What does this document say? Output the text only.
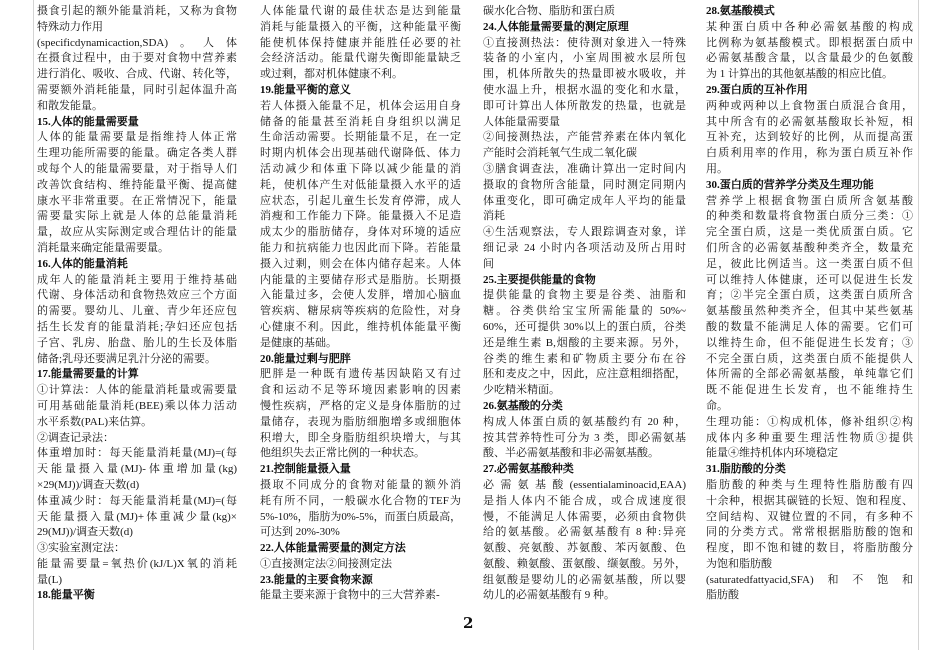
摄食引起的额外能量消耗，又称为食物
特殊动力作用
(specificdynamicaction,SDA)。人体
在摄食过程中，由于要对食物中营养素
进行消化、吸收、合成、代谢、转化等，
需要额外消耗能量，同时引起体温升高
和散发能量。
15.人体的能量需要量
人体的能量需要量是指维持人体正常
生理功能所需要的能量。确定各类人群
或每个人的能量需要量，对于指导人们
改善饮食结构、维持能量平衡、提高健
康水平非常重要。在正常情况下，能量
需要量实际上就是人体的总能量消耗
量，故应从实际测定或合理估计的能量
消耗量来确定能量需要量。
16.人体的能量消耗
成年人的能量消耗主要用于维持基础
代谢、身体活动和食物热效应三个方面
的需要。婴幼儿、儿童、青少年还应包
括生长发育的能量消耗;孕妇还应包括
子宫、乳房、胎盘、胎儿的生长及体脂
储备;乳母还要满足乳汁分泌的需要。
17.能量需要量的计算
①计算法：人体的能量消耗量或需要量
可用基础能量消耗(BEE)乘以体力活动
水平系数(PAL)来估算。
②调查记录法：
体重增加时：每天能量消耗量(MJ)=(每
天能量摄入量(MJ)-体重增加量(kg)
×29(MJ))/调查天数(d)
体重减少时：每天能量消耗量(MJ)=(每
天能量摄入量(MJ)+体重减少量(kg)×
29(MJ))/调查天数(d)
③实验室测定法：
能量需要量=氧热价(kJ/L)X氧的消耗
量(L)
18.能量平衡
人体能量代谢的最佳状态是达到能量
消耗与能量摄入的平衡，这种能量平衡
能使机体保持健康并能胜任必要的社
会经济活动。能量代谢失衡即能量缺乏
或过剩，都对机体健康不利。
19.能量平衡的意义
若人体摄入能量不足，机体会运用自身
储备的能量甚至消耗自身组织以满足
生命活动需要。长期能量不足，在一定
时期内机体会出现基础代谢降低、体力
活动减少和体重下降以减少能量的消
耗，使机体产生对低能量摄入水平的适
应状态，引起儿童生长发育停滞，成人
消瘦和工作能力下降。能量摄入不足造
成太少的脂肪储存，身体对环境的适应
能力和抗病能力也因此而下降。若能量
摄入过剩，则会在体内储存起来。人体
内能量的主要储存形式是脂肪。长期摄
入能量过多，会使人发胖，增加心脑血
管疾病、糖尿病等疾病的危险性，对身
心健康不利。因此，维持机体能量平衡
是健康的基础。
20.能量过剩与肥胖
肥胖是一种既有遗传基因缺陷又有过
食和运动不足等环境因素影响的因素
慢性疾病，严格的定义是身体脂肪的过
量储存，表现为脂肪细胞增多或细胞体
积增大，即全身脂肪组织块增大，与其
他组织失去正常比例的一种状态。
21.控制能量摄入量
摄取不同成分的食物对能量的额外消
耗有所不同，一般碳水化合物的TEF为
5%-10%，脂肪为0%-5%，而蛋白质最高，
可达到 20%-30%
22.人体能量需要量的测定方法
①直接测定法②间接测定法
23.能量的主要食物来源
能量主要来源于食物中的三大营养素-
碳水化合物、脂肪和蛋白质
24.人体能量需要量的测定原理
①直接测热法：使待测对象进入一特殊
装备的小室内，小室周围被水层所包
围，机体所散失的热量即被水吸收，并
使水温上升，根据水温的变化和水量，
即可计算出人体所散发的热量，也就是
人体能量需要量
②间接测热法，产能营养素在体内氧化
产能时会消耗氧气生成二氧化碳
③膳食调查法，准确计算出一定时间内
摄取的食物所含能量，同时测定同期内
体重变化，即可确定成年人平均的能量
消耗
④生活观察法，专人跟踪调查对象，详
细记录 24 小时内各项活动及所占用时
间
25.主要提供能量的食物
提供能量的食物主要是谷类、油脂和
糖。谷类供给宝宝所需能量的 50%~
60%，还可提供 30%以上的蛋白质，谷类
还是维生素 B,烟酸的主要来源。另外，
谷类的维生素和矿物质主要分布在谷
胚和麦皮之中，因此，应注意粗细搭配，
少吃精米精面。
26.氨基酸的分类
构成人体蛋白质的氨基酸约有 20 种，
按其营养特性可分为 3 类，即必需氨基
酸、半必需氨基酸和非必需氨基酸。
27.必需氨基酸种类
必需氨基酸(essentialaminoacid,EAA)
是指人体内不能合成，或合成速度很
慢，不能满足人体需要，必须由食物供
给的氨基酸。必需氨基酸有 8 种:异亮
氨酸、亮氨酸、苏氨酸、苯丙氨酸、色
氨酸、赖氨酸、蛋氨酸、缬氨酸。另外，
组氨酸是婴幼儿的必需氨基酸，所以婴
幼儿的必需氨基酸有 9 种。
28.氨基酸模式
某种蛋白质中各种必需氨基酸的构成
比例称为氨基酸模式。即根据蛋白质中
必需氨基酸含量，以含量最少的色氨酸
为 1 计算出的其他氨基酸的相应比值。
29.蛋白质的互补作用
两种或两种以上食物蛋白质混合食用，
其中所含有的必需氨基酸取长补短，相
互补充，达到较好的比例，从而提高蛋
白质利用率的作用，称为蛋白质互补作
用。
30.蛋白质的营养学分类及生理功能
营养学上根据食物蛋白质所含氨基酸
的种类和数量将食物蛋白质分三类：①
完全蛋白质，这是一类优质蛋白质。它
们所含的必需氨基酸种类齐全，数量充
足，彼此比例适当。这一类蛋白质不但
可以维持人体健康，还可以促进生长发
育；②半完全蛋白质，这类蛋白质所含
氨基酸虽然种类齐全，但其中某些氨基
酸的数量不能满足人体的需要。它们可
以维持生命，但不能促进生长发育；③
不完全蛋白质，这类蛋白质不能提供人
体所需的全部必需氨基酸，单纯靠它们
既不能促进生长发育，也不能维持生
命。
生理功能：①构成机体，修补组织②构
成体内多种重要生理活性物质③提供
能量④维持机体内环境稳定
31.脂肪酸的分类
脂肪酸的种类与生理特性脂肪酸有四
十余种，根据其碳链的长短、饱和程度、
空间结构、双键位置的不同，有多种不
同的分类方式。常常根据脂肪酸的饱和
程度，即不饱和键的数目，将脂肪酸分
为饱和脂肪酸
(saturatedfattyacid,SFA)和不饱和
脂肪酸
2
